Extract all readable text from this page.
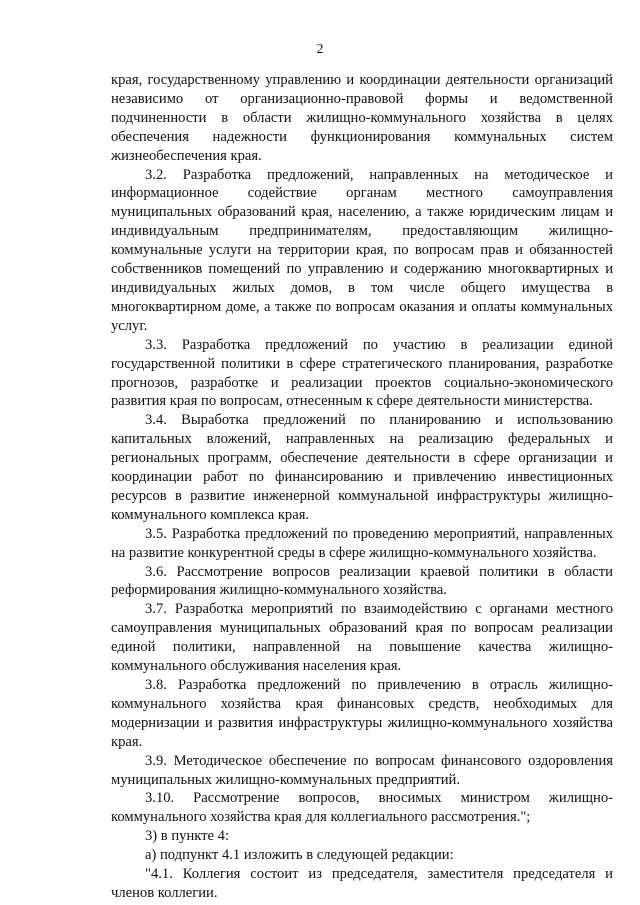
2

края, государственному управлению и координации деятельности организаций независимо от организационно-правовой формы и ведомственной подчиненности в области жилищно-коммунального хозяйства в целях обеспечения надежности функционирования коммунальных систем жизнеобеспечения края.

3.2. Разработка предложений, направленных на методическое и информационное содействие органам местного самоуправления муниципальных образований края, населению, а также юридическим лицам и индивидуальным предпринимателям, предоставляющим жилищно-коммунальные услуги на территории края, по вопросам прав и обязанностей собственников помещений по управлению и содержанию многоквартирных и индивидуальных жилых домов, в том числе общего имущества в многоквартирном доме, а также по вопросам оказания и оплаты коммунальных услуг.

3.3. Разработка предложений по участию в реализации единой государственной политики в сфере стратегического планирования, разработке прогнозов, разработке и реализации проектов социально-экономического развития края по вопросам, отнесенным к сфере деятельности министерства.

3.4. Выработка предложений по планированию и использованию капитальных вложений, направленных на реализацию федеральных и региональных программ, обеспечение деятельности в сфере организации и координации работ по финансированию и привлечению инвестиционных ресурсов в развитие инженерной коммунальной инфраструктуры жилищно-коммунального комплекса края.

3.5. Разработка предложений по проведению мероприятий, направленных на развитие конкурентной среды в сфере жилищно-коммунального хозяйства.

3.6. Рассмотрение вопросов реализации краевой политики в области реформирования жилищно-коммунального хозяйства.

3.7. Разработка мероприятий по взаимодействию с органами местного самоуправления муниципальных образований края по вопросам реализации единой политики, направленной на повышение качества жилищно-коммунального обслуживания населения края.

3.8. Разработка предложений по привлечению в отрасль жилищно-коммунального хозяйства края финансовых средств, необходимых для модернизации и развития инфраструктуры жилищно-коммунального хозяйства края.

3.9. Методическое обеспечение по вопросам финансового оздоровления муниципальных жилищно-коммунальных предприятий.

3.10. Рассмотрение вопросов, вносимых министром жилищно-коммунального хозяйства края для коллегиального рассмотрения.";

3) в пункте 4:

а) подпункт 4.1 изложить в следующей редакции:

"4.1. Коллегия состоит из председателя, заместителя председателя и членов коллегии.
